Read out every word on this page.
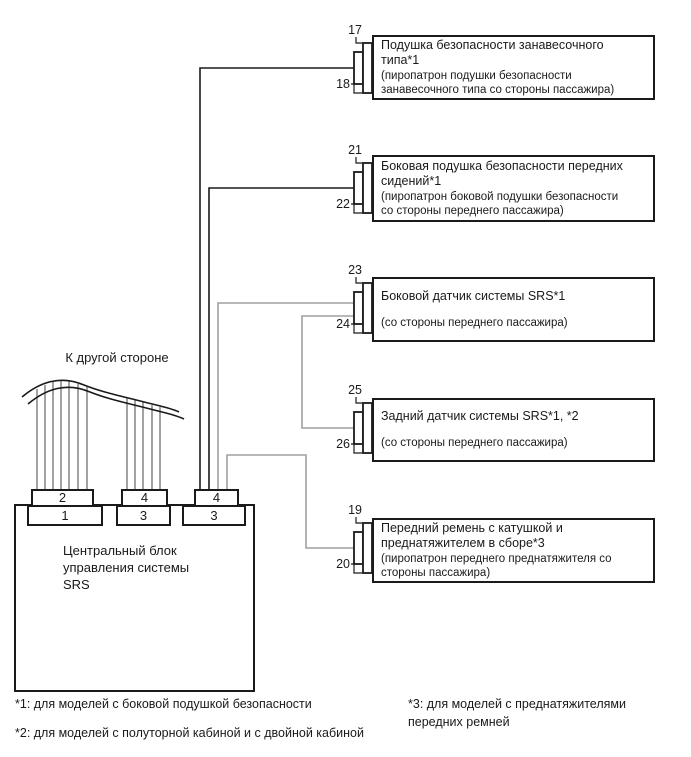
К другой стороне
Центральный блок управления системы SRS
2
1
4
3
4
3
17
18
Подушка безопасности занавесочного типа*1
(пиропатрон подушки безопасности занавесочного типа со стороны пассажира)
21
22
Боковая подушка безопасности передних сидений*1
(пиропатрон боковой подушки безопасности со стороны переднего пассажира)
23
24
Боковой датчик системы SRS*1
(со стороны переднего пассажира)
25
26
Задний датчик системы SRS*1, *2
(со стороны переднего пассажира)
19
20
Передний ремень с катушкой и преднатяжителем в сборе*3
(пиропатрон переднего преднатяжителя со стороны пассажира)
*1: для моделей с боковой подушкой безопасности
*2: для моделей с полуторной кабиной и с двойной кабиной
*3: для моделей с преднатяжителями передних ремней
